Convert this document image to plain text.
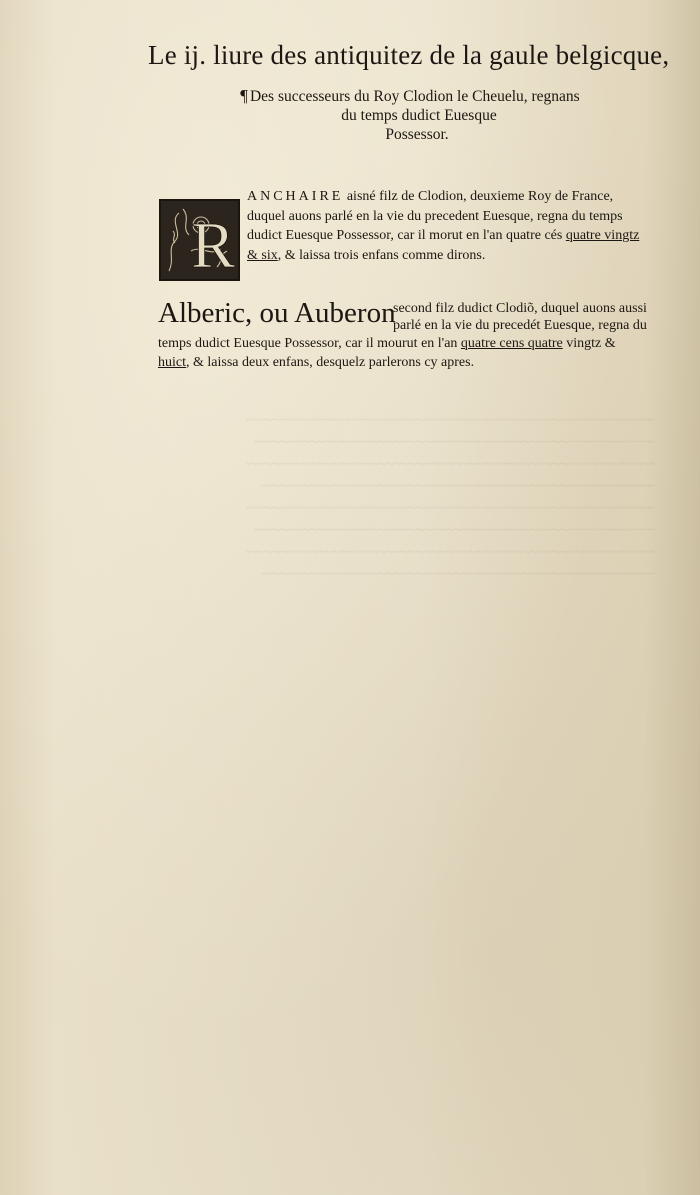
~~~~~~~~~~~~~~~~~~~~~~~~~~~~~~~~~~~~~~~~~~~~~~~~~~~~~~
~~~~~~~~~~~~~~~~~~~~~~~~~~~~~~~~~~~~~~~~~~~~~~~~~~~~~
~~~~~~~~~~~~~~~~~~~~~~~~~~~~~~~~~~~~~~~~~~~~~~~~~~~~~~
~~~~~~~~~~~~~~~~~~~~~~~~~~~~~~~~~~~~~~~~~~~~~~~~~~~~
~~~~~~~~~~~~~~~~~~~~~~~~~~~~~~~~~~~~~~~~~~~~~~~~~~~~~~
~~~~~~~~~~~~~~~~~~~~~~~~~~~~~~~~~~~~~~~~~~~~~~~~~~~~~
~~~~~~~~~~~~~~~~~~~~~~~~~~~~~~~~~~~~~~~~~~~~~~~~~~~~~~
~~~~~~~~~~~~~~~~~~~~~~~~~~~~~~~~~~~~~~~~~~~~~~~~~~~~
Le ij. liure des antiquitez de la gaule belgicque,
¶ Des successeurs du Roy Clodion le Cheuelu, regnans
du temps dudict Euesque
Possessor.
R
ANCHAIRE aisné filz de Clodion, deuxieme Roy de France,
duquel auons parlé en la vie du precedent Euesque, regna du temps
dudict Euesque Possessor, car il morut en l'an quatre cés quatre vingtz
& six, & laissa trois enfans comme dirons.
Alberic, ou Auberon
second filz dudict Clodiõ, duquel auons aussi
parlé en la vie du precedét Euesque, regna du
temps dudict Euesque Possessor, car il mourut en l'an quatre cens quatre vingtz &
huict, & laissa deux enfans, desquelz parlerons cy apres.
